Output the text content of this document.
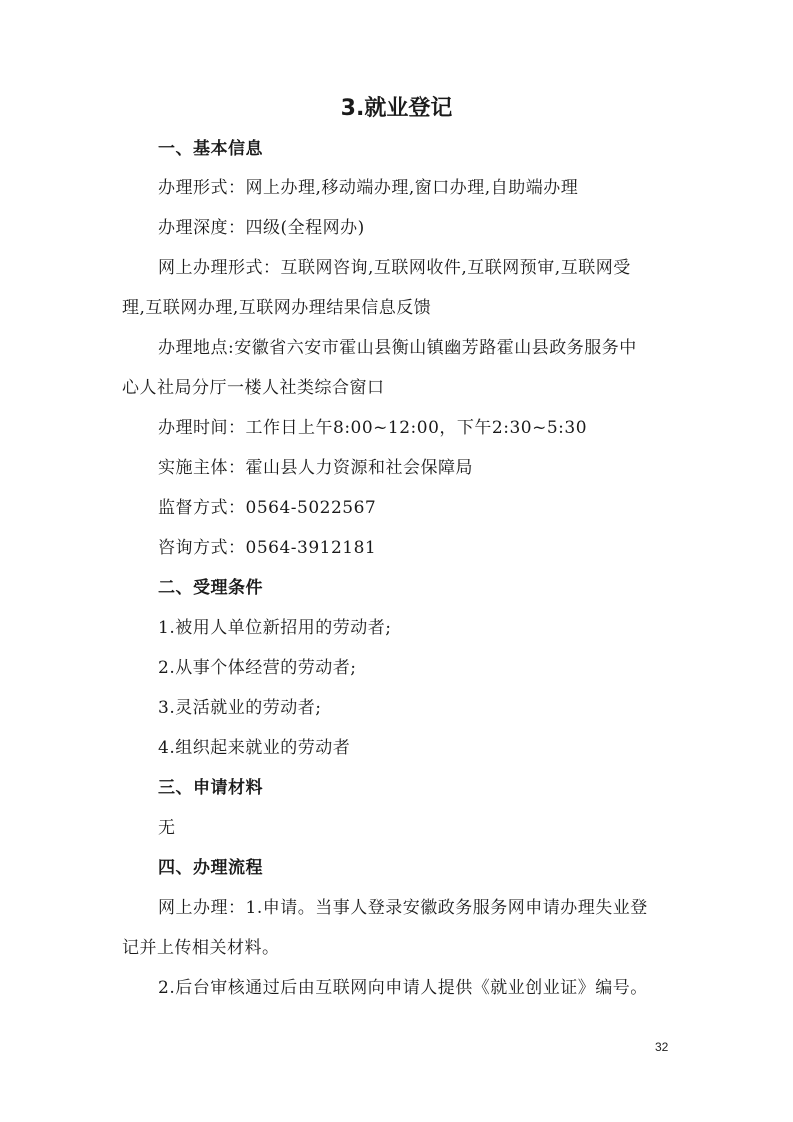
3.就业登记
一、基本信息
办理形式：网上办理,移动端办理,窗口办理,自助端办理
办理深度：四级(全程网办)
网上办理形式：互联网咨询,互联网收件,互联网预审,互联网受
理,互联网办理,互联网办理结果信息反馈
办理地点:安徽省六安市霍山县衡山镇幽芳路霍山县政务服务中
心人社局分厅一楼人社类综合窗口
办理时间：工作日上午8:00~12:00，下午2:30~5:30
实施主体：霍山县人力资源和社会保障局
监督方式：0564-5022567
咨询方式：0564-3912181
二、受理条件
1.被用人单位新招用的劳动者;
2.从事个体经营的劳动者;
3.灵活就业的劳动者;
4.组织起来就业的劳动者
三、申请材料
无
四、办理流程
网上办理：1.申请。当事人登录安徽政务服务网申请办理失业登
记并上传相关材料。
2.后台审核通过后由互联网向申请人提供《就业创业证》编号。
32
